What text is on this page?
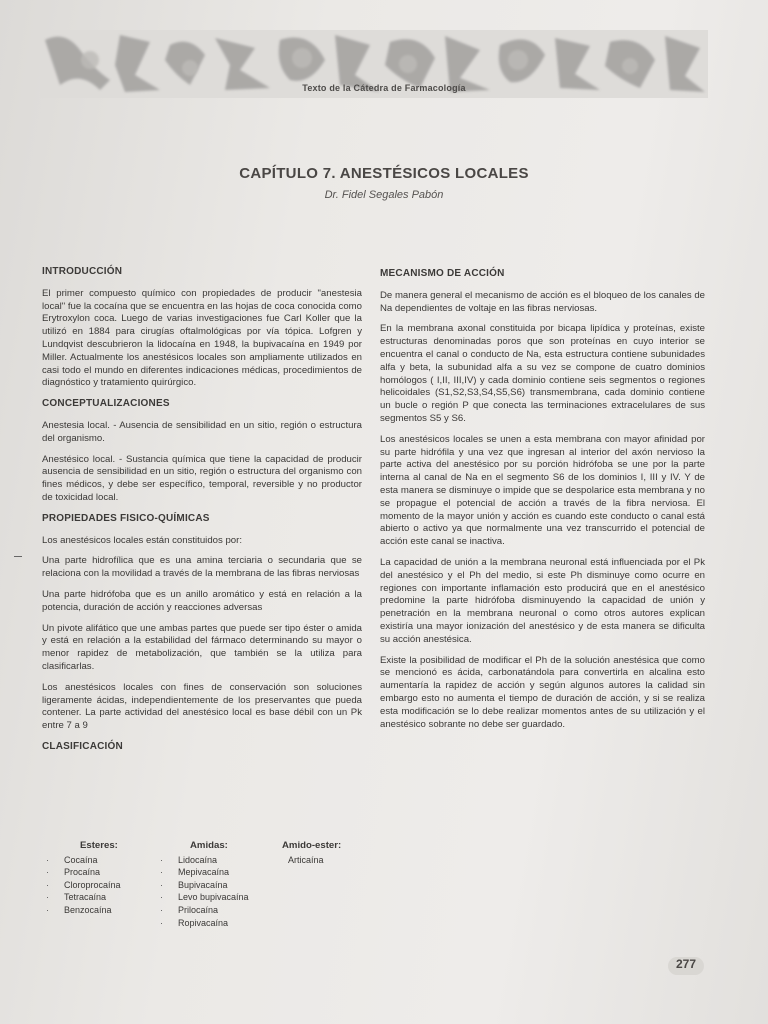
Texto de la Cátedra de Farmacología
CAPÍTULO 7. ANESTÉSICOS LOCALES
Dr. Fidel Segales Pabón
INTRODUCCIÓN

El primer compuesto químico con propiedades de producir "anestesia local" fue la cocaína que se encuentra en las hojas de coca conocida como Erytroxylon coca. Luego de varias investigaciones fue Carl Koller que la utilizó en 1884 para cirugías oftalmológicas por vía tópica. Lofgren y Lundqvist descubrieron la lidocaína en 1948, la bupivacaína en 1949 por Miller. Actualmente los anestésicos locales son ampliamente utilizados en casi todo el mundo en diferentes indicaciones médicas, procedimientos de diagnóstico y tratamiento quirúrgico.

CONCEPTUALIZACIONES

Anestesia local. - Ausencia de sensibilidad en un sitio, región o estructura del organismo.

Anestésico local. - Sustancia química que tiene la capacidad de producir ausencia de sensibilidad en un sitio, región o estructura del organismo con fines médicos, y debe ser específico, temporal, reversible y no productor de toxicidad local.

PROPIEDADES FISICO-QUÍMICAS

Los anestésicos locales están constituidos por:

Una parte hidrofílica que es una amina terciaria o secundaria que se relaciona con la movilidad a través de la membrana de las fibras nerviosas

Una parte hidrófoba que es un anillo aromático y está en relación a la potencia, duración de acción y reacciones adversas

Un pivote alifático que une ambas partes que puede ser tipo éster o amida y está en relación a la estabilidad del fármaco determinando su mayor o menor rapidez de metabolización, que también se la utiliza para clasificarlas.

Los anestésicos locales con fines de conservación son soluciones ligeramente ácidas, independientemente de los preservantes que pueda contener. La parte actividad del anestésico local es base débil con un Pk entre 7 a 9

CLASIFICACIÓN
Esteres:
· Cocaína
· Procaína
· Cloroprocaína
· Tetracaína
· Benzocaína
Amidas:
· Lidocaína
· Mepivacaína
· Bupivacaína
· Levo bupivacaína
· Prilocaína
· Ropivacaína
Amido-ester:
Articaína
MECANISMO DE ACCIÓN

De manera general el mecanismo de acción es el bloqueo de los canales de Na dependientes de voltaje en las fibras nerviosas.

En la membrana axonal constituida por bicapa lipídica y proteínas, existe estructuras denominadas poros que son proteínas en cuyo interior se encuentra el canal o conducto de Na, esta estructura contiene subunidades alfa y beta, la subunidad alfa a su vez se compone de cuatro dominios homólogos ( I,II, III,IV) y cada dominio contiene seis segmentos o regiones helicoidales (S1,S2,S3,S4,S5,S6) transmembrana, cada dominio contiene un bucle o región P que conecta las terminaciones extracelulares de sus segmentos S5 y S6.

Los anestésicos locales se unen a esta membrana con mayor afinidad por su parte hidrófila y una vez que ingresan al interior del axón nervioso la parte activa del anestésico por su porción hidrófoba se une por la parte interna al canal de Na en el segmento S6 de los dominios I, III y IV. Y de esta manera se disminuye o impide que se despolarice esta membrana y no se propague el potencial de acción a través de la fibra nerviosa. El momento de la mayor unión y acción es cuando este conducto o canal está abierto o activo ya que normalmente una vez transcurrido el potencial de acción este canal se inactiva.

La capacidad de unión a la membrana neuronal está influenciada por el Pk del anestésico y el Ph del medio, si este Ph disminuye como ocurre en regiones con importante inflamación esto producirá que en el anestésico predomine la parte hidrófoba disminuyendo la capacidad de unión y penetración en la membrana neuronal o como otros autores explican existiría una mayor ionización del anestésico y de esta manera se dificulta su acción anestésica.

Existe la posibilidad de modificar el Ph de la solución anestésica que como se mencionó es ácida, carbonatándola para convertirla en alcalina esto aumentaría la rapidez de acción y según algunos autores la calidad sin embargo esto no aumenta el tiempo de duración de acción, y si se realiza esta modificación se lo debe realizar momentos antes de su utilización y el anestésico sobrante no debe ser guardado.

277
